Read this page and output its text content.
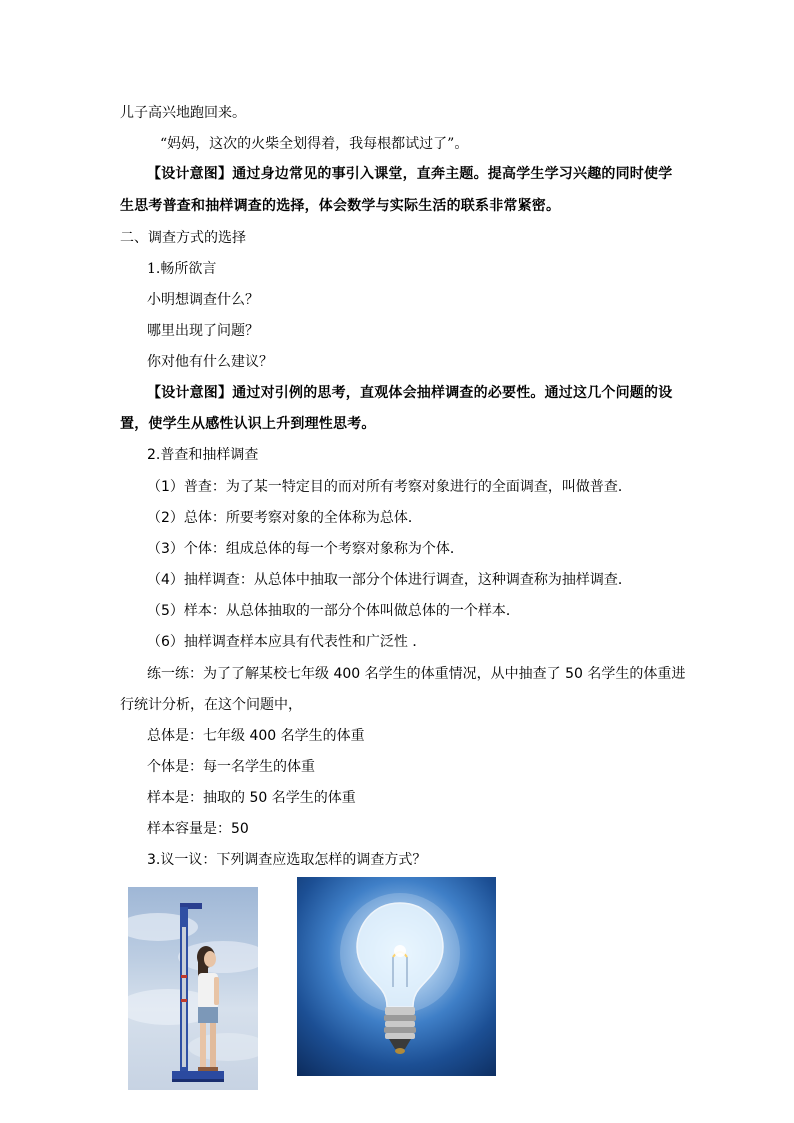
儿子高兴地跑回来。
“妈妈，这次的火柴全划得着，我每根都试过了”。
【设计意图】通过身边常见的事引入课堂，直奔主题。提高学生学习兴趣的同时使学
生思考普查和抽样调查的选择，体会数学与实际生活的联系非常紧密。
二、调查方式的选择
1.畅所欲言
小明想调查什么？
哪里出现了问题？
你对他有什么建议？
【设计意图】通过对引例的思考，直观体会抽样调查的必要性。通过这几个问题的设
置，使学生从感性认识上升到理性思考。
2.普查和抽样调查
（1）普查：为了某一特定目的而对所有考察对象进行的全面调查，叫做普查．
（2）总体：所要考察对象的全体称为总体．
（3）个体：组成总体的每一个考察对象称为个体．
（4）抽样调查：从总体中抽取一部分个体进行调查，这种调查称为抽样调查．
（5）样本：从总体抽取的一部分个体叫做总体的一个样本．
（6）抽样调查样本应具有代表性和广泛性 ．
练一练：为了了解某校七年级 400 名学生的体重情况，从中抽查了 50 名学生的体重进
行统计分析，在这个问题中，
总体是：七年级 400 名学生的体重
个体是：每一名学生的体重
样本是：抽取的 50 名学生的体重
样本容量是：50
3.议一议：下列调查应选取怎样的调查方式？
